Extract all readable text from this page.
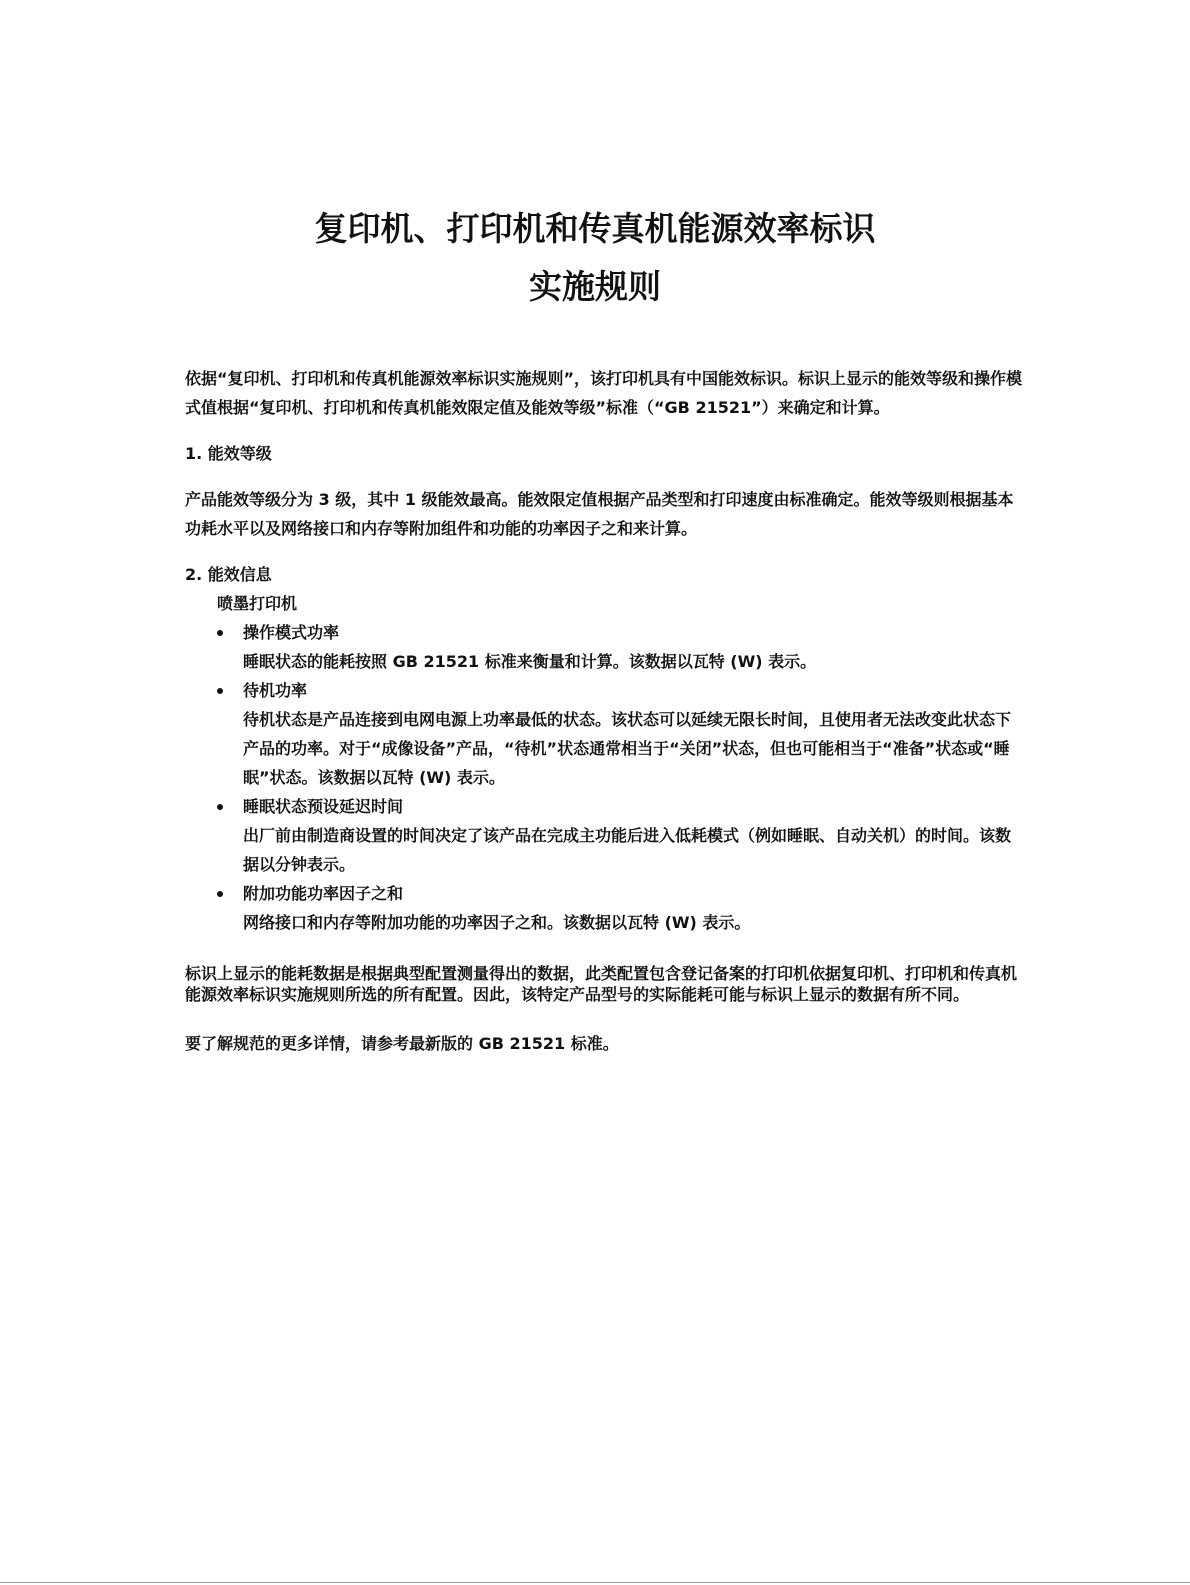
复印机、打印机和传真机能源效率标识
实施规则

依据“复印机、打印机和传真机能源效率标识实施规则”，该打印机具有中国能效标识。标识上显示的能效等级和操作模式值根据“复印机、打印机和传真机能效限定值及能效等级”标准（“GB 21521”）来确定和计算。

1. 能效等级

产品能效等级分为 3 级，其中 1 级能效最高。能效限定值根据产品类型和打印速度由标准确定。能效等级则根据基本功耗水平以及网络接口和内存等附加组件和功能的功率因子之和来计算。

2. 能效信息

喷墨打印机

操作模式功率
睡眠状态的能耗按照 GB 21521 标准来衡量和计算。该数据以瓦特 (W) 表示。
待机功率
待机状态是产品连接到电网电源上功率最低的状态。该状态可以延续无限长时间，且使用者无法改变此状态下产品的功率。对于“成像设备”产品，“待机”状态通常相当于“关闭”状态，但也可能相当于“准备”状态或“睡眠”状态。该数据以瓦特 (W) 表示。
睡眠状态预设延迟时间
出厂前由制造商设置的时间决定了该产品在完成主功能后进入低耗模式（例如睡眠、自动关机）的时间。该数据以分钟表示。
附加功能功率因子之和
网络接口和内存等附加功能的功率因子之和。该数据以瓦特 (W) 表示。

标识上显示的能耗数据是根据典型配置测量得出的数据，此类配置包含登记备案的打印机依据复印机、打印机和传真机能源效率标识实施规则所选的所有配置。因此，该特定产品型号的实际能耗可能与标识上显示的数据有所不同。

要了解规范的更多详情，请参考最新版的 GB 21521 标准。
